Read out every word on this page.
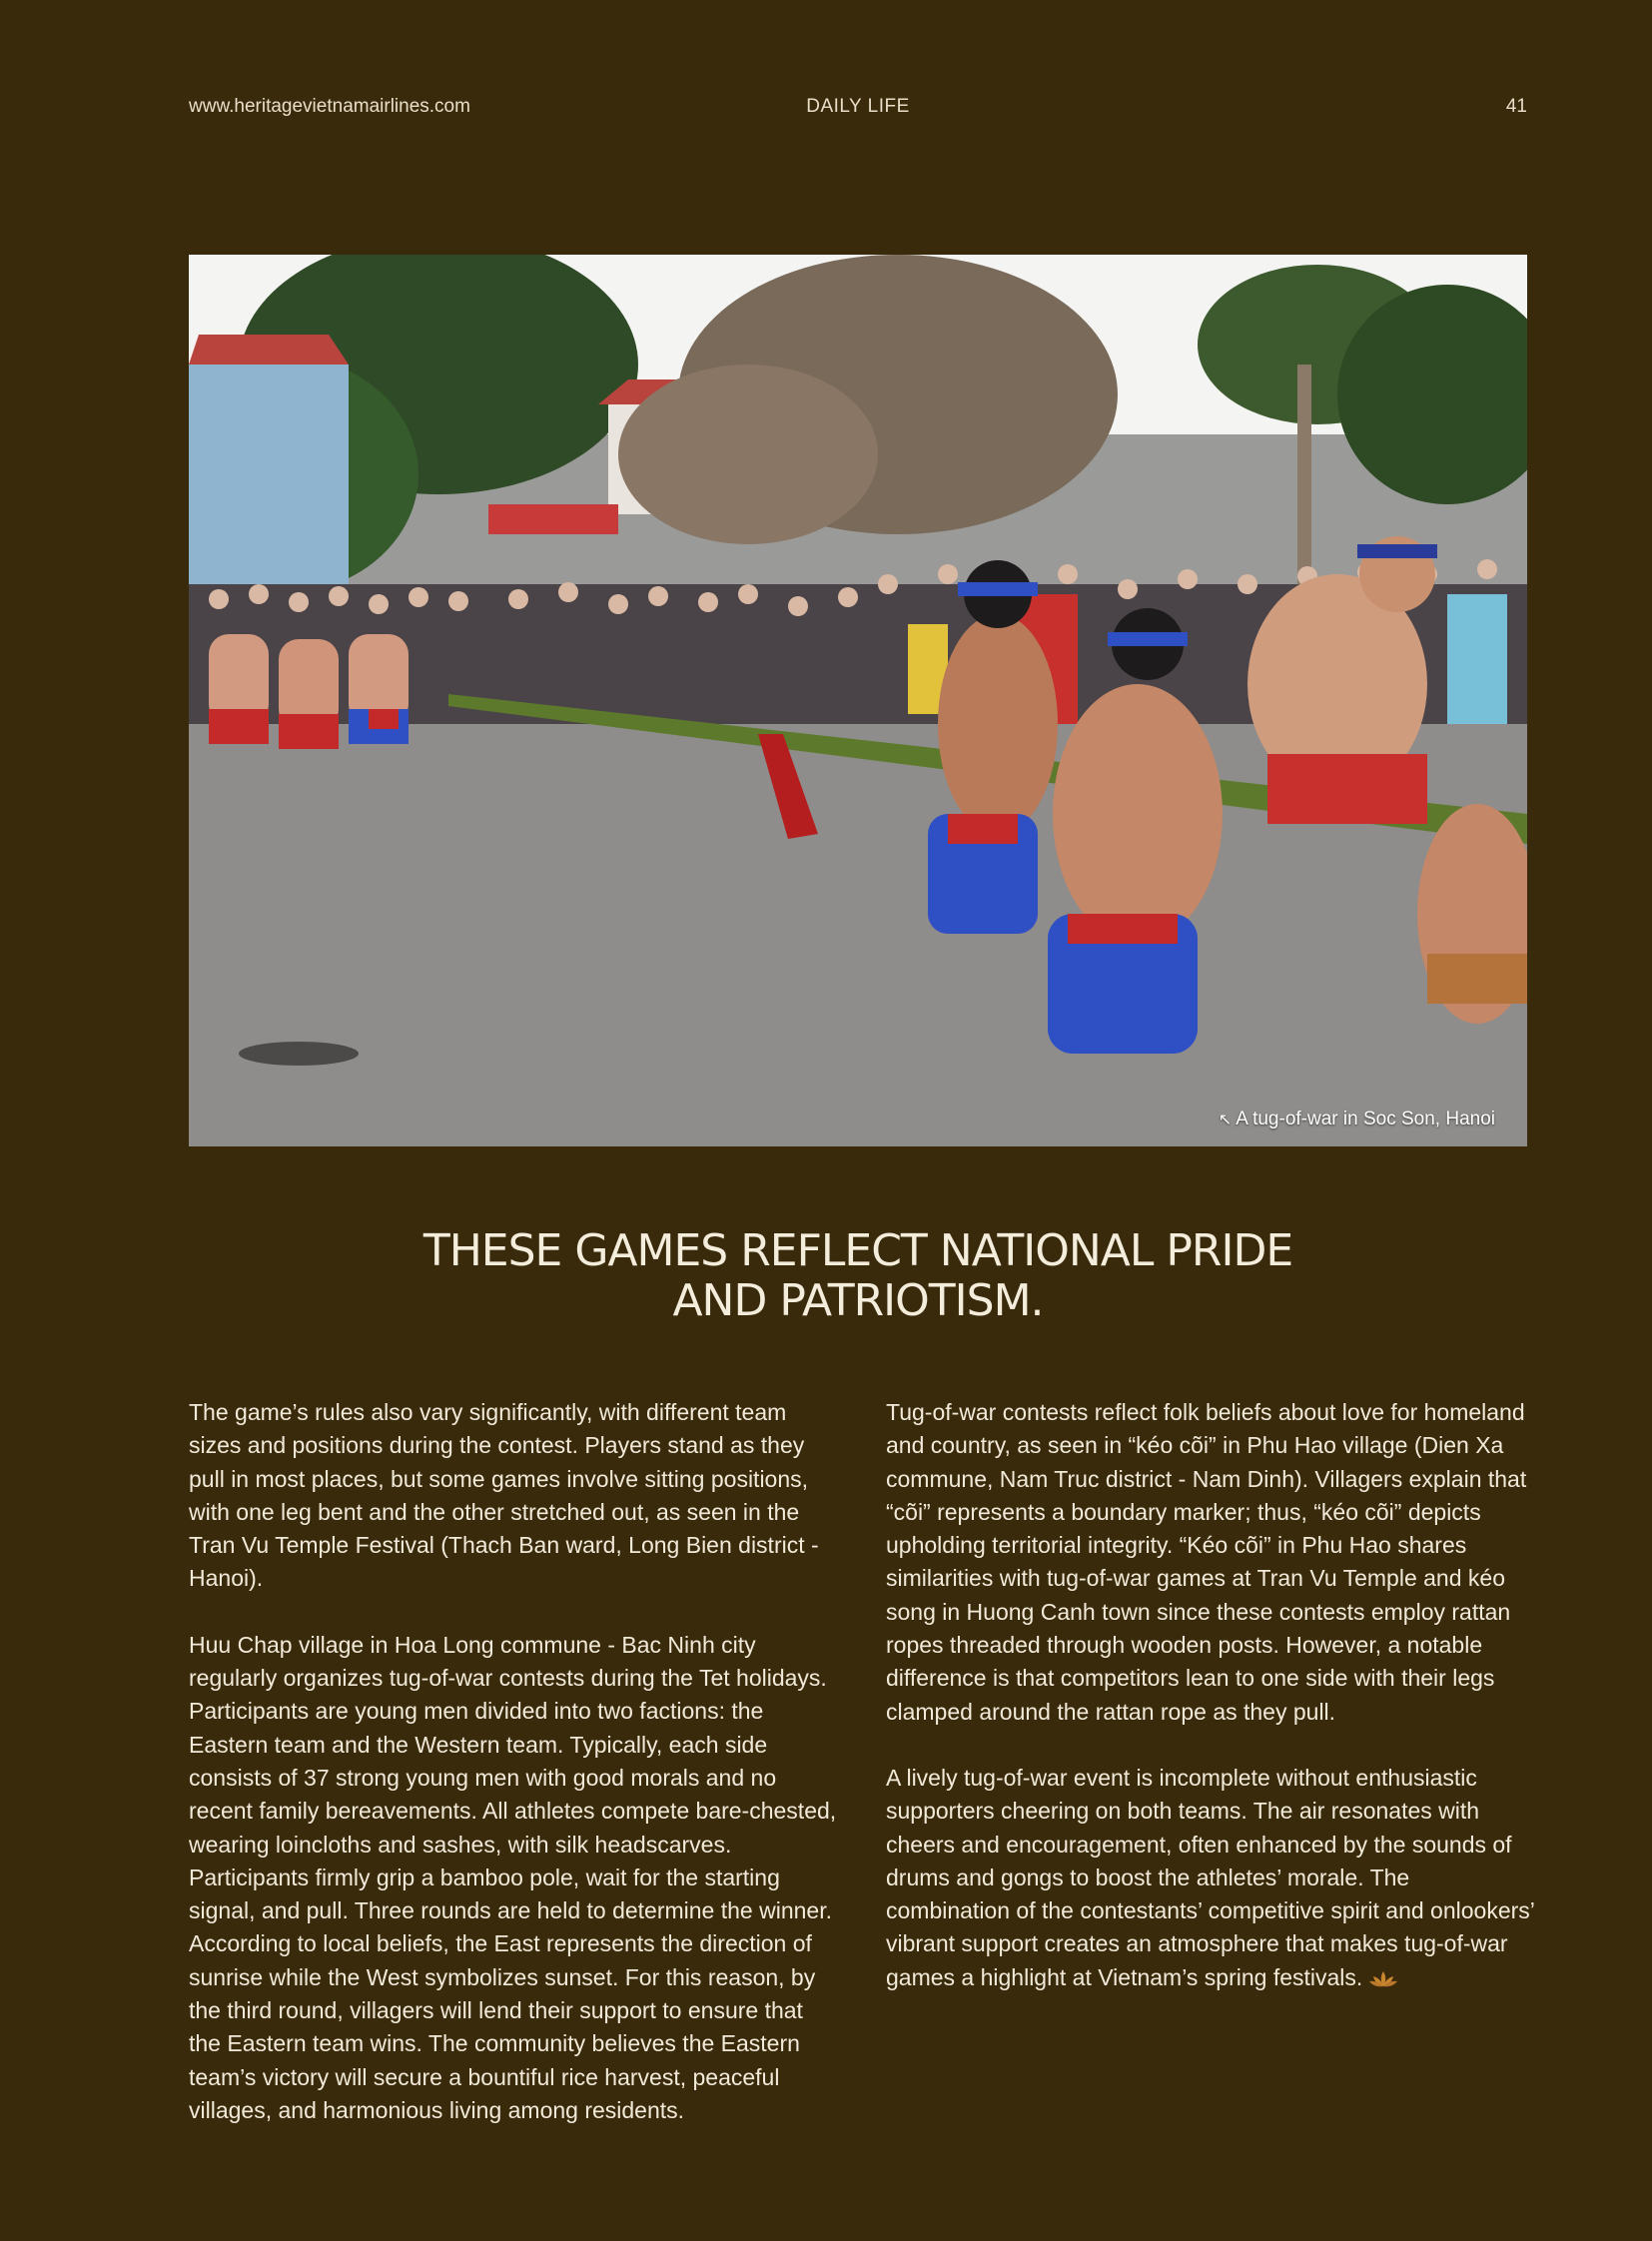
www.heritagevietnamairlines.com	DAILY LIFE	41
↖ A tug-of-war in Soc Son, Hanoi
THESE GAMES REFLECT NATIONAL PRIDE
AND PATRIOTISM.

The game’s rules also vary significantly, with different team sizes and positions during the contest. Players stand as they pull in most places, but some games involve sitting positions, with one leg bent and the other stretched out, as seen in the Tran Vu Temple Festival (Thach Ban ward, Long Bien district - Hanoi).

Huu Chap village in Hoa Long commune - Bac Ninh city regularly organizes tug-of-war contests during the Tet holidays. Participants are young men divided into two factions: the Eastern team and the Western team. Typically, each side consists of 37 strong young men with good morals and no recent family bereavements. All athletes compete bare-chested, wearing loincloths and sashes, with silk headscarves. Participants firmly grip a bamboo pole, wait for the starting signal, and pull. Three rounds are held to determine the winner. According to local beliefs, the East represents the direction of sunrise while the West symbolizes sunset. For this reason, by the third round, villagers will lend their support to ensure that the Eastern team wins. The community believes the Eastern team’s victory will secure a bountiful rice harvest, peaceful villages, and harmonious living among residents.

Tug-of-war contests reflect folk beliefs about love for homeland and country, as seen in “kéo cõi” in Phu Hao village (Dien Xa commune, Nam Truc district - Nam Dinh). Villagers explain that “cõi” represents a boundary marker; thus, “kéo cõi” depicts upholding territorial integrity. “Kéo cõi” in Phu Hao shares similarities with tug-of-war games at Tran Vu Temple and kéo song in Huong Canh town since these contests employ rattan ropes threaded through wooden posts. However, a notable difference is that competitors lean to one side with their legs clamped around the rattan rope as they pull.

A lively tug-of-war event is incomplete without enthusiastic supporters cheering on both teams. The air resonates with cheers and encouragement, often enhanced by the sounds of drums and gongs to boost the athletes’ morale. The combination of the contestants’ competitive spirit and onlookers’ vibrant support creates an atmosphere that makes tug-of-war games a highlight at Vietnam’s spring festivals.
